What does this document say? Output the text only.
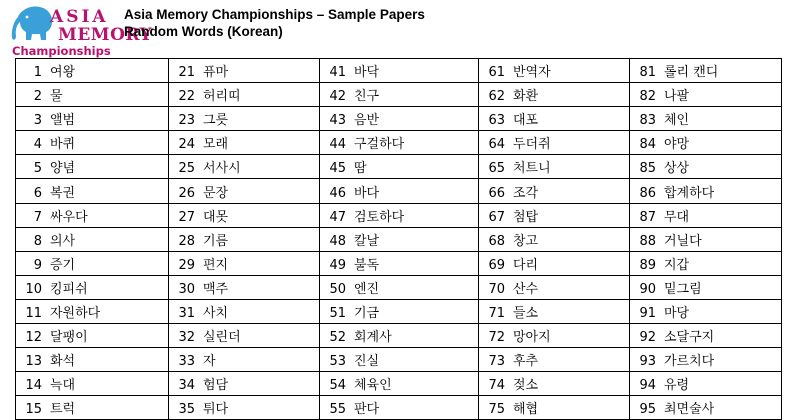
ASIA
MEMORY
Championships
Asia Memory Championships – Sample Papers
Random Words (Korean)
1 여왕	21 퓨마	41 바닥	61 반역자	81 롤리 캔디
2 물	22 허리띠	42 친구	62 화환	82 나팔
3 앨범	23 그릇	43 음반	63 대포	83 체인
4 바퀴	24 모래	44 구걸하다	64 두더쥐	84 야망
5 양념	25 서사시	45 땀	65 처트니	85 상상
6 복권	26 문장	46 바다	66 조각	86 합계하다
7 싸우다	27 대못	47 검토하다	67 첨탑	87 무대
8 의사	28 기름	48 칼날	68 창고	88 거닐다
9 증기	29 편지	49 불독	69 다리	89 지갑
10 킹피쉬	30 맥주	50 엔진	70 산수	90 밑그림
11 자원하다	31 사치	51 기금	71 들소	91 마당
12 달팽이	32 실린더	52 회계사	72 망아지	92 소달구지
13 화석	33 자	53 진실	73 후추	93 가르치다
14 늑대	34 험담	54 체육인	74 젖소	94 유령
15 트럭	35 튀다	55 판다	75 해협	95 최면술사
